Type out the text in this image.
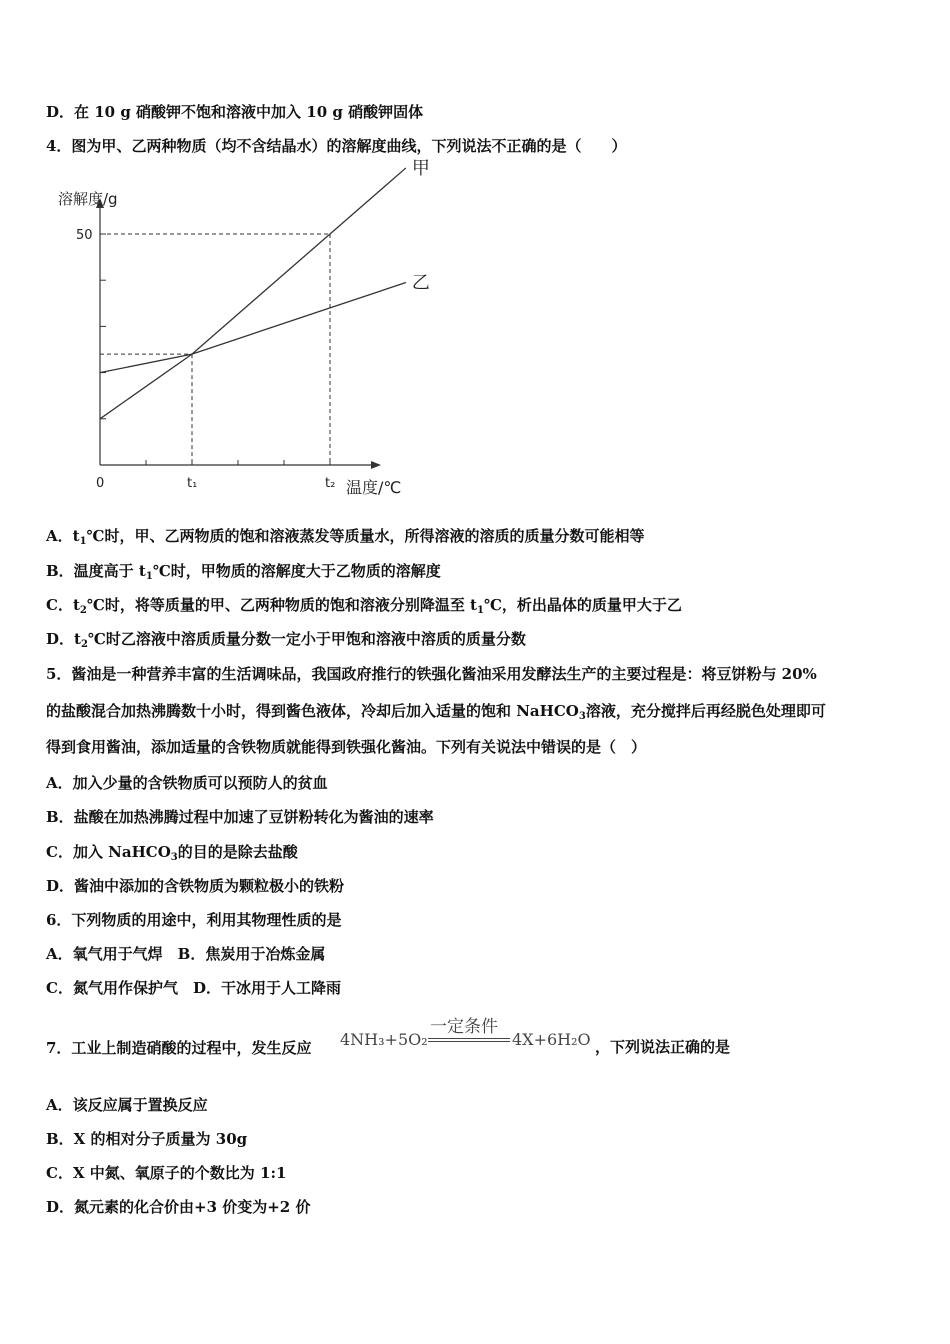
D．在 10 g 硝酸钾不饱和溶液中加入 10 g 硝酸钾固体
4．图为甲、乙两种物质（均不含结晶水）的溶解度曲线，下列说法不正确的是（　　）
甲
乙
溶解度/g
50
0	t₁	t₂ 温度/℃
A．$t_1℃$时，甲、乙两物质的饱和溶液蒸发等质量水，所得溶液的溶质的质量分数可能相等
B．温度高于 $t_1℃$时，甲物质的溶解度大于乙物质的溶解度
C．$t_2℃$时，将等质量的甲、乙两种物质的饱和溶液分别降温至 $t_1℃$，析出晶体的质量甲大于乙
D．$t_2℃$时乙溶液中溶质质量分数一定小于甲饱和溶液中溶质的质量分数
5．酱油是一种营养丰富的生活调味品，我国政府推行的铁强化酱油采用发酵法生产的主要过程是：将豆饼粉与 20%
的盐酸混合加热沸腾数十小时，得到酱色液体，冷却后加入适量的饱和 NaHCO$_3$溶液，充分搅拌后再经脱色处理即可
得到食用酱油，添加适量的含铁物质就能得到铁强化酱油。下列有关说法中错误的是（　）
A．加入少量的含铁物质可以预防人的贫血
B．盐酸在加热沸腾过程中加速了豆饼粉转化为酱油的速率
C．加入 NaHCO$_3$的目的是除去盐酸
D．酱油中添加的含铁物质为颗粒极小的铁粉
6．下列物质的用途中，利用其物理性质的是
A．氧气用于气焊　B．焦炭用于冶炼金属
C．氮气用作保护气　D．干冰用于人工降雨
7．工业上制造硝酸的过程中，发生反应 4NH₃+5O₂
一定条件
4X+6H₂O ，下列说法正确的是
A．该反应属于置换反应
B．X 的相对分子质量为 30g
C．X 中氮、氧原子的个数比为 1:1
D．氮元素的化合价由+3 价变为+2 价
